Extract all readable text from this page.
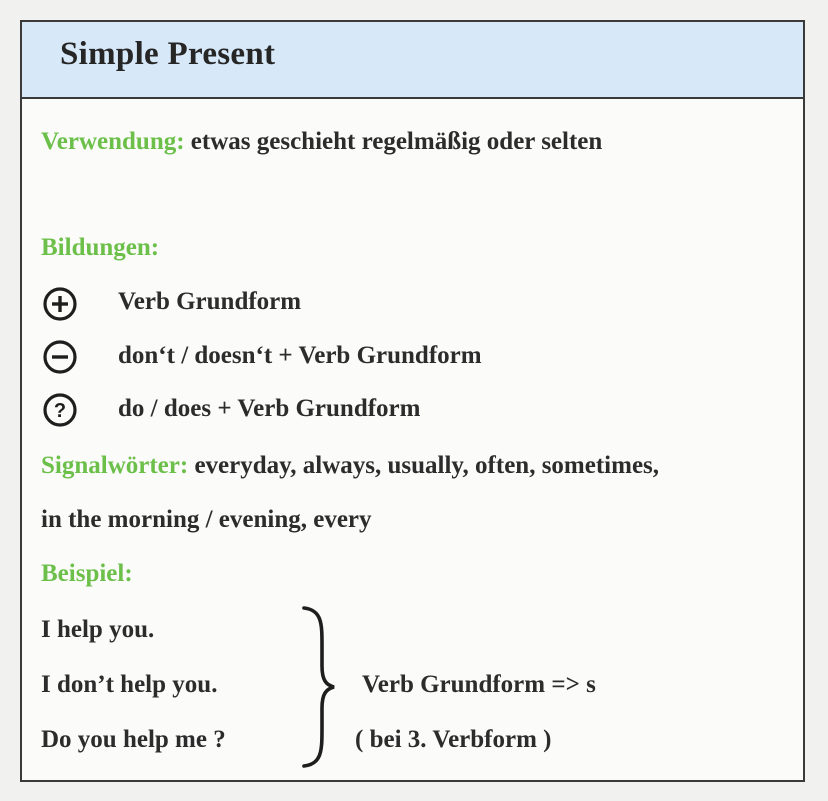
Simple Present
Verwendung: etwas geschieht regelmäßig oder selten
Bildungen:
Verb Grundform
don‘t / doesn‘t + Verb Grundform
? do / does + Verb Grundform
Signalwörter: everyday, always, usually, often, sometimes,
in the morning / evening, every
Beispiel:
I help you.
I don’t help you.
Do you help me ?
Verb Grundform => s
( bei 3. Verbform )
